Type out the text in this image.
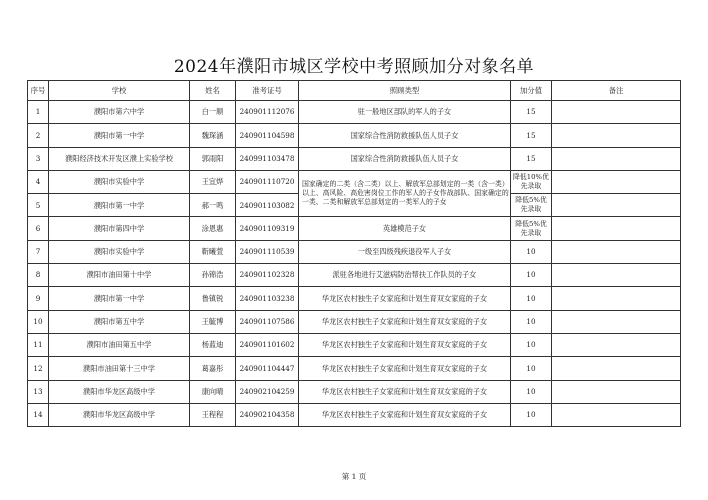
2024年濮阳市城区学校中考照顾加分对象名单
序号	学校	姓名	准考证号	照顾类型	加分值	备注
1	濮阳市第六中学	白一顺	240901112076	驻一般地区部队的军人的子女	15	
2	濮阳市第一中学	魏琛涵	240901104598	国家综合性消防救援队伍人员子女	15	
3	濮阳经济技术开发区濮上实验学校	郭雨阳	240991103478	国家综合性消防救援队伍人员子女	15	
4	濮阳市实验中学	王宜烨	240901110720	国家确定的二类（含二类）以上、解放军总部划定的一类（含一类）以上、高风险、高危害岗位工作的军人的子女作战部队、国家确定的一类、二类和解放军总部划定的一类军人的子女	降低10%优先录取	
5	濮阳市第一中学	郝一鸣	240901103082		降低5%优先录取	
6	濮阳市第四中学	涂恩惠	240901109319	英雄模范子女	降低5%优先录取	
7	濮阳市实验中学	靳曦萱	240901110539	一级至四级残疾退役军人子女	10	
8	濮阳市油田第十中学	孙锦浩	240901102328	派驻各地进行艾滋病防治帮扶工作队员的子女	10	
9	濮阳市第一中学	鲁镇锐	240901103238	华龙区农村独生子女家庭和计划生育双女家庭的子女	10	
10	濮阳市第五中学	王毓博	240901107586	华龙区农村独生子女家庭和计划生育双女家庭的子女	10	
11	濮阳市油田第五中学	杨蓝迪	240901101602	华龙区农村独生子女家庭和计划生育双女家庭的子女	10	
12	濮阳市油田第十三中学	葛嘉彤	240901104447	华龙区农村独生子女家庭和计划生育双女家庭的子女	10	
13	濮阳市华龙区高级中学	康向晴	240902104259	华龙区农村独生子女家庭和计划生育双女家庭的子女	10	
14	濮阳市华龙区高级中学	王程程	240902104358	华龙区农村独生子女家庭和计划生育双女家庭的子女	10	
第 1 页
